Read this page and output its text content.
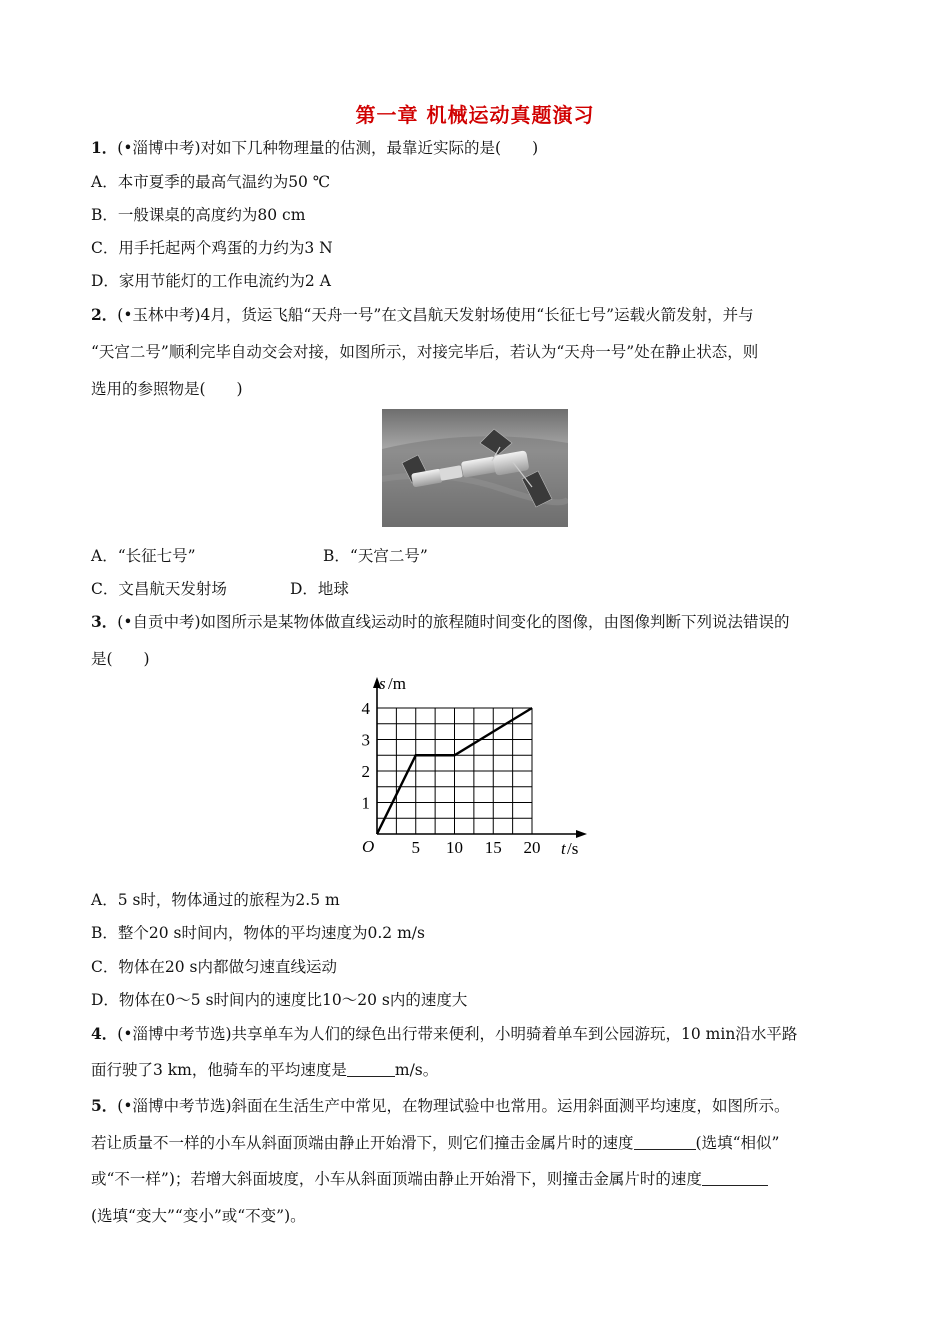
第一章 机械运动真题演习
1．(•淄博中考)对如下几种物理量的估测，最靠近实际的是(　　)
A．本市夏季的最高气温约为50 ℃
B．一般课桌的高度约为80 cm
C．用手托起两个鸡蛋的力约为3 N
D．家用节能灯的工作电流约为2 A
2．(•玉林中考)4月，货运飞船“天舟一号”在文昌航天发射场使用“长征七号”运载火箭发射，并与
“天宫二号”顺利完毕自动交会对接，如图所示，对接完毕后，若认为“天舟一号”处在静止状态，则
选用的参照物是(　　)
A．“长征七号”	B．“天宫二号”
C．文昌航天发射场	D．地球
3．(•自贡中考)如图所示是某物体做直线运动时的旅程随时间变化的图像，由图像判断下列说法错误的
是(　　)
s /m
t /s
O 5 10 15 20
1
2
3
4
A．5 s时，物体通过的旅程为2.5 m
B．整个20 s时间内，物体的平均速度为0.2 m/s
C．物体在20 s内都做匀速直线运动
D．物体在0～5 s时间内的速度比10～20 s内的速度大
4．(•淄博中考节选)共享单车为人们的绿色出行带来便利，小明骑着单车到公园游玩，10 min沿水平路
面行驶了3 km，他骑车的平均速度是	m/s。
5．(•淄博中考节选)斜面在生活生产中常见，在物理试验中也常用。运用斜面测平均速度，如图所示。
若让质量不一样的小车从斜面顶端由静止开始滑下，则它们撞击金属片时的速度	(选填“相似”
或“不一样”)；若增大斜面坡度，小车从斜面顶端由静止开始滑下，则撞击金属片时的速度
(选填“变大”“变小”或“不变”)。
